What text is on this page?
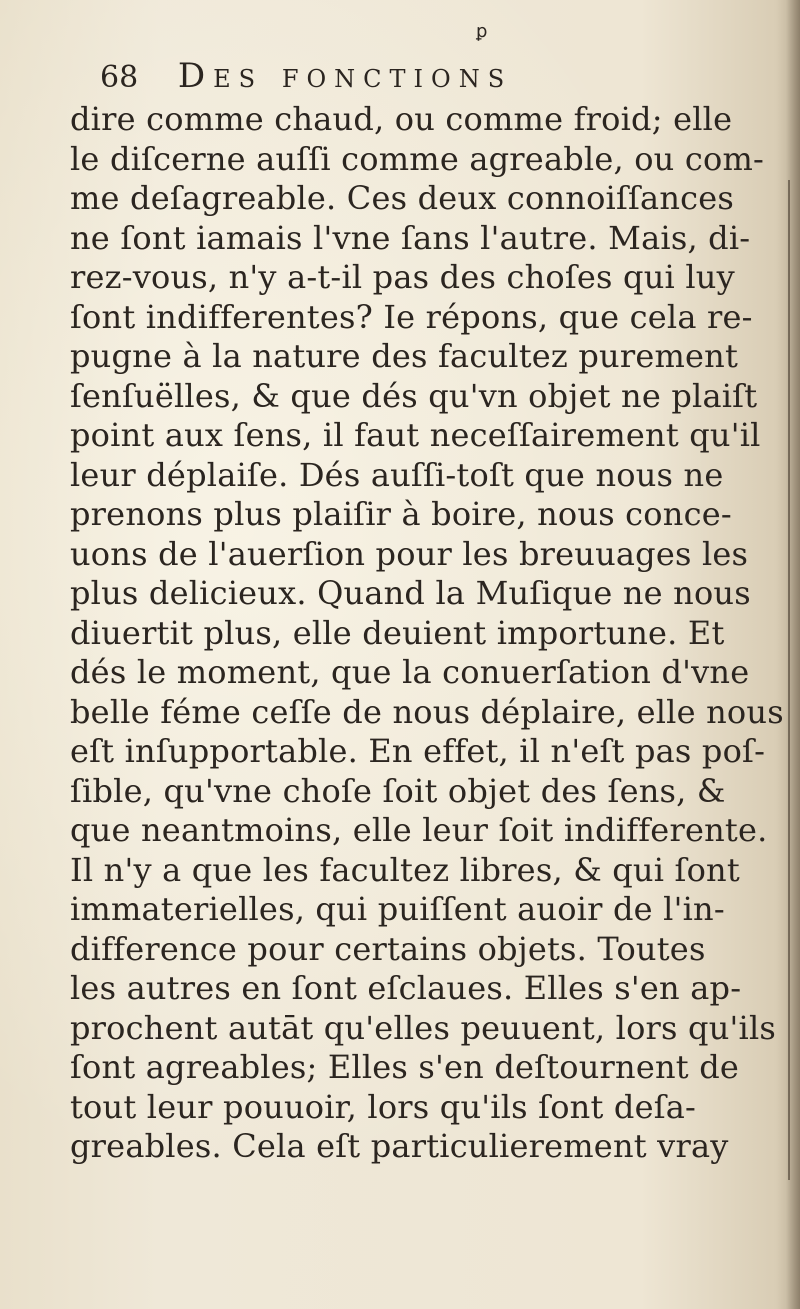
ꝑ
68 Des fonctions
dire comme chaud, ou comme froid; elle
le diſcerne auſſi comme agreable, ou com-
me deſagreable. Ces deux connoiſſances
ne ſont iamais l'vne ſans l'autre. Mais, di-
rez-vous, n'y a-t-il pas des choſes qui luy
ſont indifferentes? Ie répons, que cela re-
pugne à la nature des facultez purement
ſenſuëlles, & que dés qu'vn objet ne plaiſt
point aux ſens, il faut neceſſairement qu'il
leur déplaiſe. Dés auſſi-toſt que nous ne
prenons plus plaiſir à boire, nous conce-
uons de l'auerſion pour les breuuages les
plus delicieux. Quand la Muſique ne nous
diuertit plus, elle deuient importune. Et
dés le moment, que la conuerſation d'vne
belle féme ceſſe de nous déplaire, elle nous
eſt inſupportable. En effet, il n'eſt pas poſ-
ſible, qu'vne choſe ſoit objet des ſens, &
que neantmoins, elle leur ſoit indifferente.
Il n'y a que les facultez libres, & qui ſont
immaterielles, qui puiſſent auoir de l'in-
difference pour certains objets. Toutes
les autres en ſont eſclaues. Elles s'en ap-
prochent autāt qu'elles peuuent, lors qu'ils
ſont agreables; Elles s'en deſtournent de
tout leur pouuoir, lors qu'ils ſont deſa-
greables. Cela eſt particulierement vray
